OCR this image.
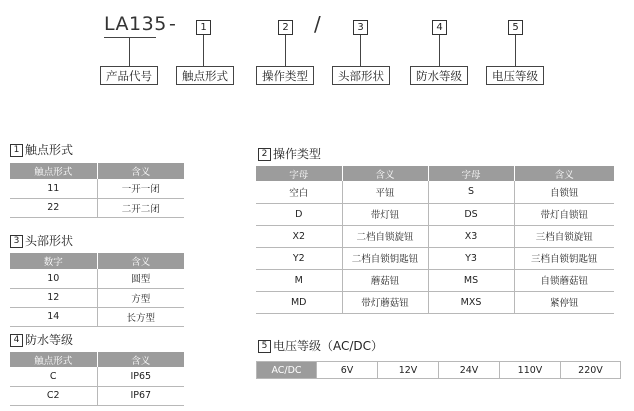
LA135 -	/
1	2	3	4	5
产品代号	触点形式	操作类型	头部形状	防水等级	电压等级
1 触点形式
触点形式	含义
11	一开一闭
22	二开二闭
3 头部形状
数字	含义
10	圆型
12	方型
14	长方型
4 防水等级
触点形式	含义
C	IP65
C2	IP67
2 操作类型
字母	含义	字母	含义
空白	平钮	S	自锁钮
D	带灯钮	DS	带灯自锁钮
X2	二档自锁旋钮	X3	三档自锁旋钮
Y2	二档自锁钥匙钮	Y3	三档自锁钥匙钮
M	蘑菇钮	MS	自锁蘑菇钮
MD	带灯蘑菇钮	MXS	紧停钮
5 电压等级（AC/DC）
AC/DC	6V	12V	24V	110V	220V
